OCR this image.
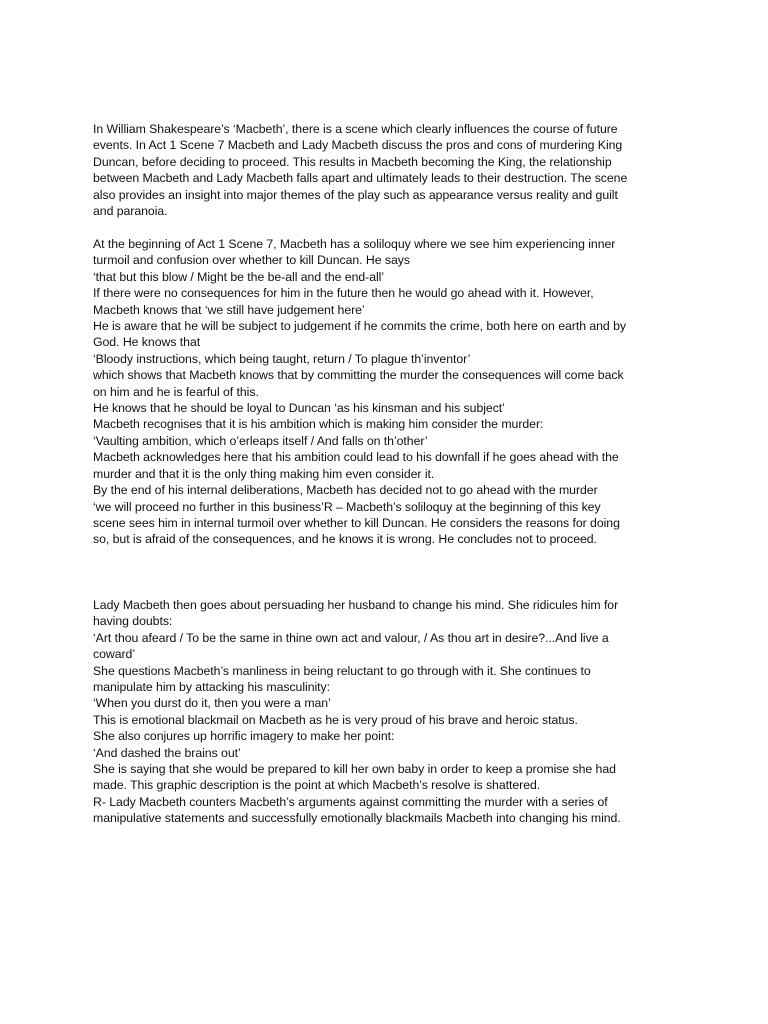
In William Shakespeare’s ‘Macbeth’, there is a scene which clearly influences the course of future
events. In Act 1 Scene 7 Macbeth and Lady Macbeth discuss the pros and cons of murdering King
Duncan, before deciding to proceed. This results in Macbeth becoming the King, the relationship
between Macbeth and Lady Macbeth falls apart and ultimately leads to their destruction. The scene
also provides an insight into major themes of the play such as appearance versus reality and guilt
and paranoia.
At the beginning of Act 1 Scene 7, Macbeth has a soliloquy where we see him experiencing inner
turmoil and confusion over whether to kill Duncan. He says
‘that but this blow / Might be the be-all and the end-all’
If there were no consequences for him in the future then he would go ahead with it. However,
Macbeth knows that ‘we still have judgement here’
He is aware that he will be subject to judgement if he commits the crime, both here on earth and by
God. He knows that
‘Bloody instructions, which being taught, return / To plague th’inventor’
which shows that Macbeth knows that by committing the murder the consequences will come back
on him and he is fearful of this.
He knows that he should be loyal to Duncan ‘as his kinsman and his subject’
Macbeth recognises that it is his ambition which is making him consider the murder:
‘Vaulting ambition, which o’erleaps itself / And falls on th’other’
Macbeth acknowledges here that his ambition could lead to his downfall if he goes ahead with the
murder and that it is the only thing making him even consider it.
By the end of his internal deliberations, Macbeth has decided not to go ahead with the murder
‘we will proceed no further in this business’R – Macbeth’s soliloquy at the beginning of this key
scene sees him in internal turmoil over whether to kill Duncan. He considers the reasons for doing
so, but is afraid of the consequences, and he knows it is wrong. He concludes not to proceed.
Lady Macbeth then goes about persuading her husband to change his mind. She ridicules him for
having doubts:
‘Art thou afeard / To be the same in thine own act and valour, / As thou art in desire?...And live a
coward’
She questions Macbeth’s manliness in being reluctant to go through with it. She continues to
manipulate him by attacking his masculinity:
‘When you durst do it, then you were a man’
This is emotional blackmail on Macbeth as he is very proud of his brave and heroic status.
She also conjures up horrific imagery to make her point:
‘And dashed the brains out’
She is saying that she would be prepared to kill her own baby in order to keep a promise she had
made. This graphic description is the point at which Macbeth’s resolve is shattered.
R- Lady Macbeth counters Macbeth’s arguments against committing the murder with a series of
manipulative statements and successfully emotionally blackmails Macbeth into changing his mind.
